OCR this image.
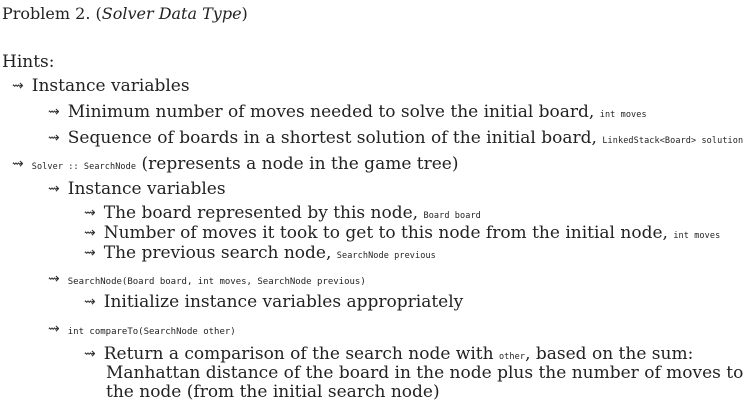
Problem 2. (Solver Data Type)
Hints:
⇝ Instance variables
⇝ Minimum number of moves needed to solve the initial board, int moves
⇝ Sequence of boards in a shortest solution of the initial board, LinkedStack<Board> solution
⇝ Solver :: SearchNode (represents a node in the game tree)
⇝ Instance variables
⇝ The board represented by this node, Board board
⇝ Number of moves it took to get to this node from the initial node, int moves
⇝ The previous search node, SearchNode previous
⇝ SearchNode(Board board, int moves, SearchNode previous)
⇝ Initialize instance variables appropriately
⇝ int compareTo(SearchNode other)
⇝ Return a comparison of the search node with other, based on the sum:
Manhattan distance of the board in the node plus the number of moves to
the node (from the initial search node)
